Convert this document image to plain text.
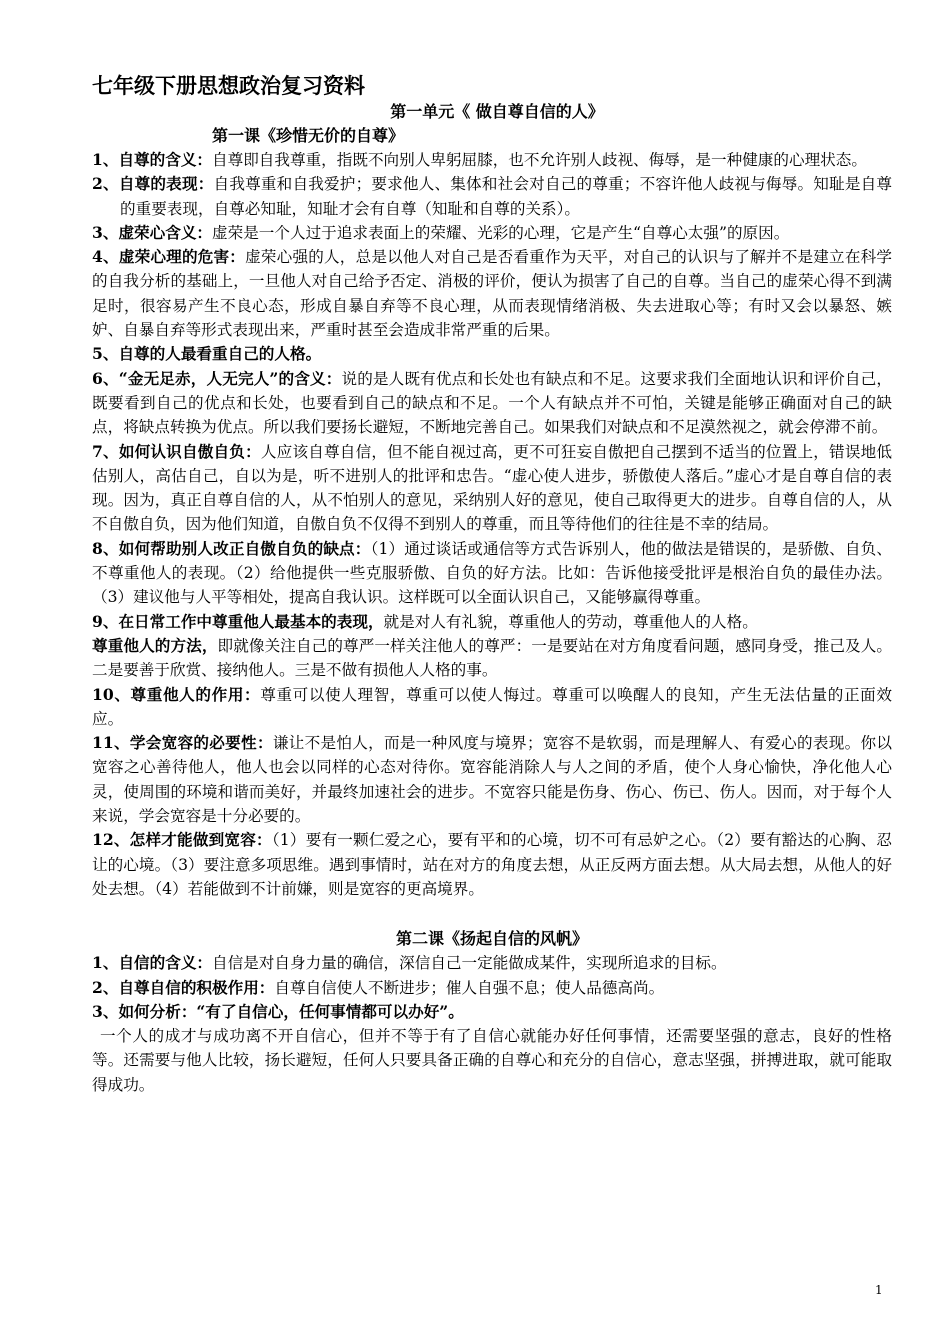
七年级下册思想政治复习资料
第一单元《 做自尊自信的人》
第一课《珍惜无价的自尊》

1、自尊的含义：自尊即自我尊重，指既不向别人卑躬屈膝，也不允许别人歧视、侮辱，是一种健康的心理状态。

2、自尊的表现：自我尊重和自我爱护；要求他人、集体和社会对自己的尊重；不容许他人歧视与侮辱。知耻是自尊的重要表现，自尊必知耻，知耻才会有自尊（知耻和自尊的关系）。

3、虚荣心含义：虚荣是一个人过于追求表面上的荣耀、光彩的心理，它是产生“自尊心太强”的原因。

4、虚荣心理的危害：虚荣心强的人，总是以他人对自己是否看重作为天平，对自己的认识与了解并不是建立在科学的自我分析的基础上，一旦他人对自己给予否定、消极的评价，便认为损害了自己的自尊。当自己的虚荣心得不到满足时，很容易产生不良心态，形成自暴自弃等不良心理，从而表现情绪消极、失去进取心等；有时又会以暴怒、嫉妒、自暴自弃等形式表现出来，严重时甚至会造成非常严重的后果。

5、自尊的人最看重自己的人格。

6、“金无足赤，人无完人”的含义：说的是人既有优点和长处也有缺点和不足。这要求我们全面地认识和评价自己，既要看到自己的优点和长处，也要看到自己的缺点和不足。一个人有缺点并不可怕，关键是能够正确面对自己的缺点，将缺点转换为优点。所以我们要扬长避短，不断地完善自己。如果我们对缺点和不足漠然视之，就会停滞不前。

7、如何认识自傲自负：人应该自尊自信，但不能自视过高，更不可狂妄自傲把自己摆到不适当的位置上，错误地低估别人，高估自己，自以为是，听不进别人的批评和忠告。“虚心使人进步，骄傲使人落后。”虚心才是自尊自信的表现。因为，真正自尊自信的人，从不怕别人的意见，采纳别人好的意见，使自己取得更大的进步。自尊自信的人，从不自傲自负，因为他们知道，自傲自负不仅得不到别人的尊重，而且等待他们的往往是不幸的结局。

8、如何帮助别人改正自傲自负的缺点：（1）通过谈话或通信等方式告诉别人，他的做法是错误的，是骄傲、自负、不尊重他人的表现。（2）给他提供一些克服骄傲、自负的好方法。比如：告诉他接受批评是根治自负的最佳办法。（3）建议他与人平等相处，提高自我认识。这样既可以全面认识自己，又能够赢得尊重。

9、在日常工作中尊重他人最基本的表现，就是对人有礼貌，尊重他人的劳动，尊重他人的人格。

尊重他人的方法，即就像关注自己的尊严一样关注他人的尊严：一是要站在对方角度看问题，感同身受，推己及人。二是要善于欣赏、接纳他人。三是不做有损他人人格的事。

10、尊重他人的作用：尊重可以使人理智，尊重可以使人悔过。尊重可以唤醒人的良知，产生无法估量的正面效应。

11、学会宽容的必要性：谦让不是怕人，而是一种风度与境界；宽容不是软弱，而是理解人、有爱心的表现。你以宽容之心善待他人，他人也会以同样的心态对待你。宽容能消除人与人之间的矛盾，使个人身心愉快，净化他人心灵，使周围的环境和谐而美好，并最终加速社会的进步。不宽容只能是伤身、伤心、伤已、伤人。因而，对于每个人来说，学会宽容是十分必要的。

12、怎样才能做到宽容：（1）要有一颗仁爱之心，要有平和的心境，切不可有忌妒之心。（2）要有豁达的心胸、忍让的心境。（3）要注意多项思维。遇到事情时，站在对方的角度去想，从正反两方面去想。从大局去想，从他人的好处去想。（4）若能做到不计前嫌，则是宽容的更高境界。

第二课《扬起自信的风帆》

1、自信的含义：自信是对自身力量的确信，深信自己一定能做成某件，实现所追求的目标。

2、自尊自信的积极作用：自尊自信使人不断进步；催人自强不息；使人品德高尚。

3、如何分析：“有了自信心，任何事情都可以办好”。

一个人的成才与成功离不开自信心，但并不等于有了自信心就能办好任何事情，还需要坚强的意志，良好的性格等。还需要与他人比较，扬长避短，任何人只要具备正确的自尊心和充分的自信心，意志坚强，拼搏进取，就可能取得成功。

1
